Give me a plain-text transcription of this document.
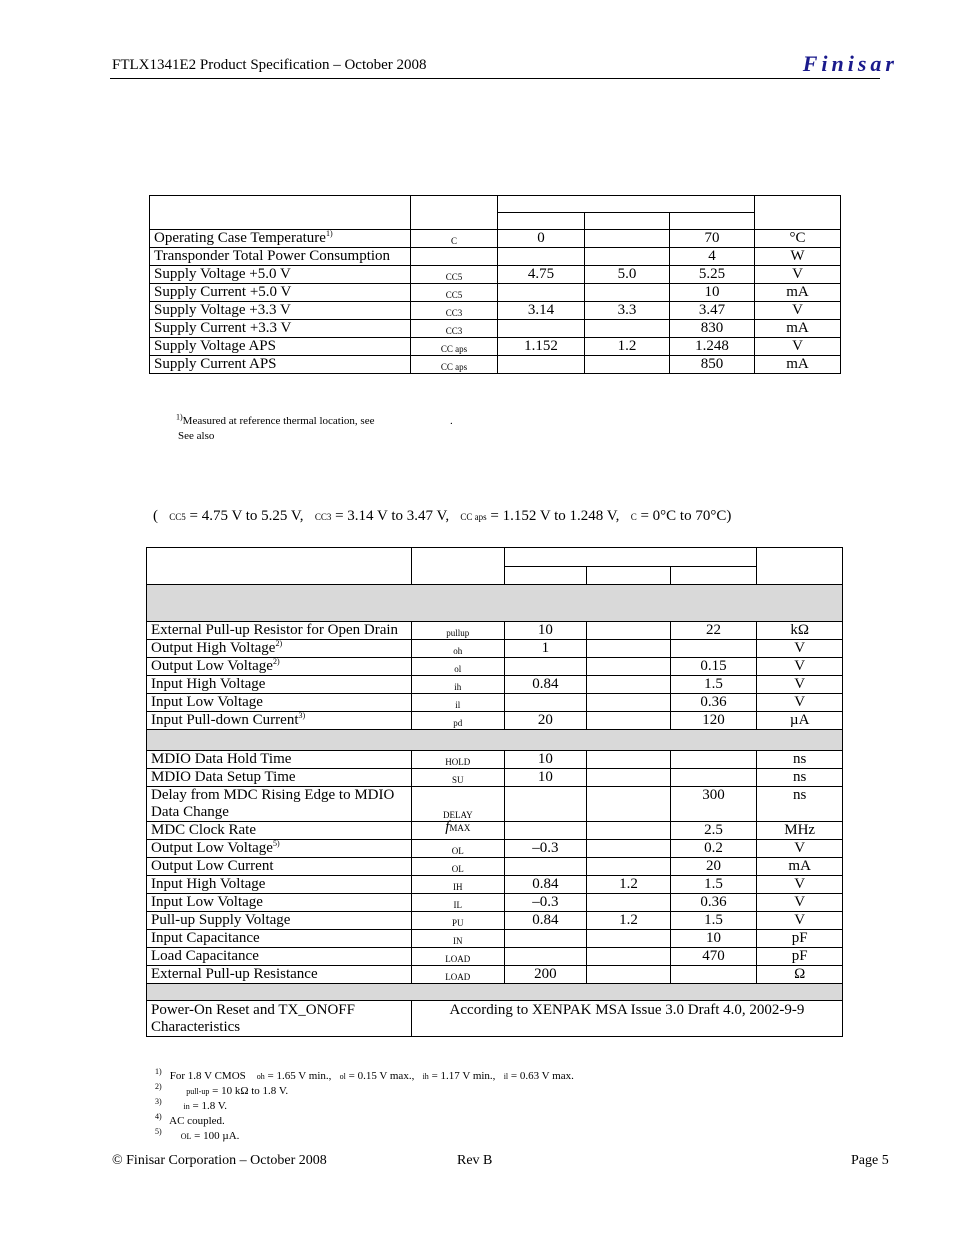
FTLX1341E2 Product Specification – October 2008	Finisar

Operating Case Temperature$^{1)}$	C	0		70	°C
Transponder Total Power Consumption				4	W
Supply Voltage +5.0 V	CC5	4.75	5.0	5.25	V
Supply Current +5.0 V	CC5			10	mA
Supply Voltage +3.3 V	CC3	3.14	3.3	3.47	V
Supply Current +3.3 V	CC3			830	mA
Supply Voltage APS	CC aps	1.152	1.2	1.248	V
Supply Current APS	CC aps			850	mA
$^{1)}$Measured at reference thermal location, see	.
See also
( CC5 = 4.75 V to 5.25 V, CC3 = 3.14 V to 3.47 V, CC aps = 1.152 V to 1.248 V, C = 0°C to 70°C)

External Pull-up Resistor for Open Drain	pullup	10		22	kΩ
Output High Voltage$^{2)}$	oh	1			V
Output Low Voltage$^{2)}$	ol			0.15	V
Input High Voltage	ih	0.84		1.5	V
Input Low Voltage	il			0.36	V
Input Pull-down Current$^{3)}$	pd	20		120	µA

MDIO Data Hold Time	HOLD	10			ns
MDIO Data Setup Time	SU	10			ns
Delay from MDC Rising Edge to MDIO Data Change	DELAY			300	ns
MDC Clock Rate	fMAX			2.5	MHz
Output Low Voltage$^{5)}$	OL	–0.3		0.2	V
Output Low Current	OL			20	mA
Input High Voltage	IH	0.84	1.2	1.5	V
Input Low Voltage	IL	–0.3		0.36	V
Pull-up Supply Voltage	PU	0.84	1.2	1.5	V
Input Capacitance	IN			10	pF
Load Capacitance	LOAD			470	pF
External Pull-up Resistance	LOAD	200			Ω

Power-On Reset and TX_ONOFF Characteristics	According to XENPAK MSA Issue 3.0 Draft 4.0, 2002-9-9				
1) For 1.8 V CMOS oh = 1.65 V min., ol = 0.15 V max., ih = 1.17 V min., il = 0.63 V max.
2)       pull-up = 10 kΩ to 1.8 V.
3)      in = 1.8 V.
4) AC coupled.
5)     OL = 100 µA.
© Finisar Corporation – October 2008	Rev B	Page 5
